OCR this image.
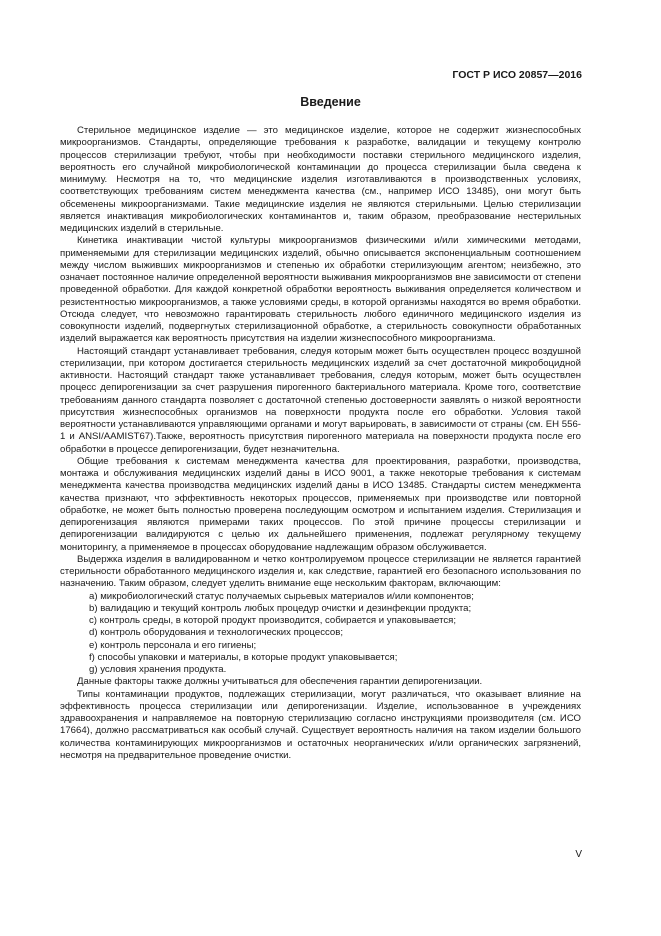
ГОСТ Р ИСО 20857—2016
Введение

Стерильное медицинское изделие — это медицинское изделие, которое не содержит жизнеспособных микроорганизмов. Стандарты, определяющие требования к разработке, валидации и текущему контролю процессов стерилизации требуют, чтобы при необходимости поставки стерильного медицинского изделия, вероятность его случайной микробиологической контаминации до процесса стерилизации была сведена к минимуму. Несмотря на то, что медицинские изделия изготавливаются в производственных условиях, соответствующих требованиям систем менеджмента качества (см., например ИСО 13485), они могут быть обсеменены микроорганизмами. Такие медицинские изделия не являются стерильными. Целью стерилизации является инактивация микробиологических контаминантов и, таким образом, преобразование нестерильных медицинских изделий в стерильные.

Кинетика инактивации чистой культуры микроорганизмов физическими и/или химическими методами, применяемыми для стерилизации медицинских изделий, обычно описывается экспоненциальным соотношением между числом выживших микроорганизмов и степенью их обработки стерилизующим агентом; неизбежно, это означает постоянное наличие определенной вероятности выживания микроорганизмов вне зависимости от степени проведенной обработки. Для каждой конкретной обработки вероятность выживания определяется количеством и резистентностью микроорганизмов, а также условиями среды, в которой организмы находятся во время обработки. Отсюда следует, что невозможно гарантировать стерильность любого единичного медицинского изделия из совокупности изделий, подвергнутых стерилизационной обработке, а стерильность совокупности обработанных изделий выражается как вероятность присутствия на изделии жизнеспособного микроорганизма.

Настоящий стандарт устанавливает требования, следуя которым может быть осуществлен процесс воздушной стерилизации, при котором достигается стерильность медицинских изделий за счет достаточной микробоцидной активности. Настоящий стандарт также устанавливает требования, следуя которым, может быть осуществлен процесс депирогенизации за счет разрушения пирогенного бактериального материала. Кроме того, соответствие требованиям данного стандарта позволяет с достаточной степенью достоверности заявлять о низкой вероятности присутствия жизнеспособных организмов на поверхности продукта после его обработки. Условия такой вероятности устанавливаются управляющими органами и могут варьировать, в зависимости от страны (см. ЕН 556-1 и ANSI/AAMIST67).Также, вероятность присутствия пирогенного материала на поверхности продукта после его обработки в процессе депирогенизации, будет незначительна.

Общие требования к системам менеджмента качества для проектирования, разработки, производства, монтажа и обслуживания медицинских изделий даны в ИСО 9001, а также некоторые требования к системам менеджмента качества производства медицинских изделий даны в ИСО 13485. Стандарты систем менеджмента качества признают, что эффективность некоторых процессов, применяемых при производстве или повторной обработке, не может быть полностью проверена последующим осмотром и испытанием изделия. Стерилизация и депирогенизация являются примерами таких процессов. По этой причине процессы стерилизации и депирогенизации валидируются с целью их дальнейшего применения, подлежат регулярному текущему мониторингу, а применяемое в процессах оборудование надлежащим образом обслуживается.

Выдержка изделия в валидированном и четко контролируемом процессе стерилизации не является гарантией стерильности обработанного медицинского изделия и, как следствие, гарантией его безопасного использования по назначению. Таким образом, следует уделить внимание еще нескольким факторам, включающим:

a) микробиологический статус получаемых сырьевых материалов и/или компонентов;

b) валидацию и текущий контроль любых процедур очистки и дезинфекции продукта;

c) контроль среды, в которой продукт производится, собирается и упаковывается;

d) контроль оборудования и технологических процессов;

e) контроль персонала и его гигиены;

f) способы упаковки и материалы, в которые продукт упаковывается;

g) условия хранения продукта.

Данные факторы также должны учитываться для обеспечения гарантии депирогенизации.

Типы контаминации продуктов, подлежащих стерилизации, могут различаться, что оказывает влияние на эффективность процесса стерилизации или депирогенизации. Изделие, использованное в учреждениях здравоохранения и направляемое на повторную стерилизацию согласно инструкциями производителя (см. ИСО 17664), должно рассматриваться как особый случай. Существует вероятность наличия на таком изделии большого количества контаминирующих микроорганизмов и остаточных неорганических и/или органических загрязнений, несмотря на предварительное проведение очистки.

V
